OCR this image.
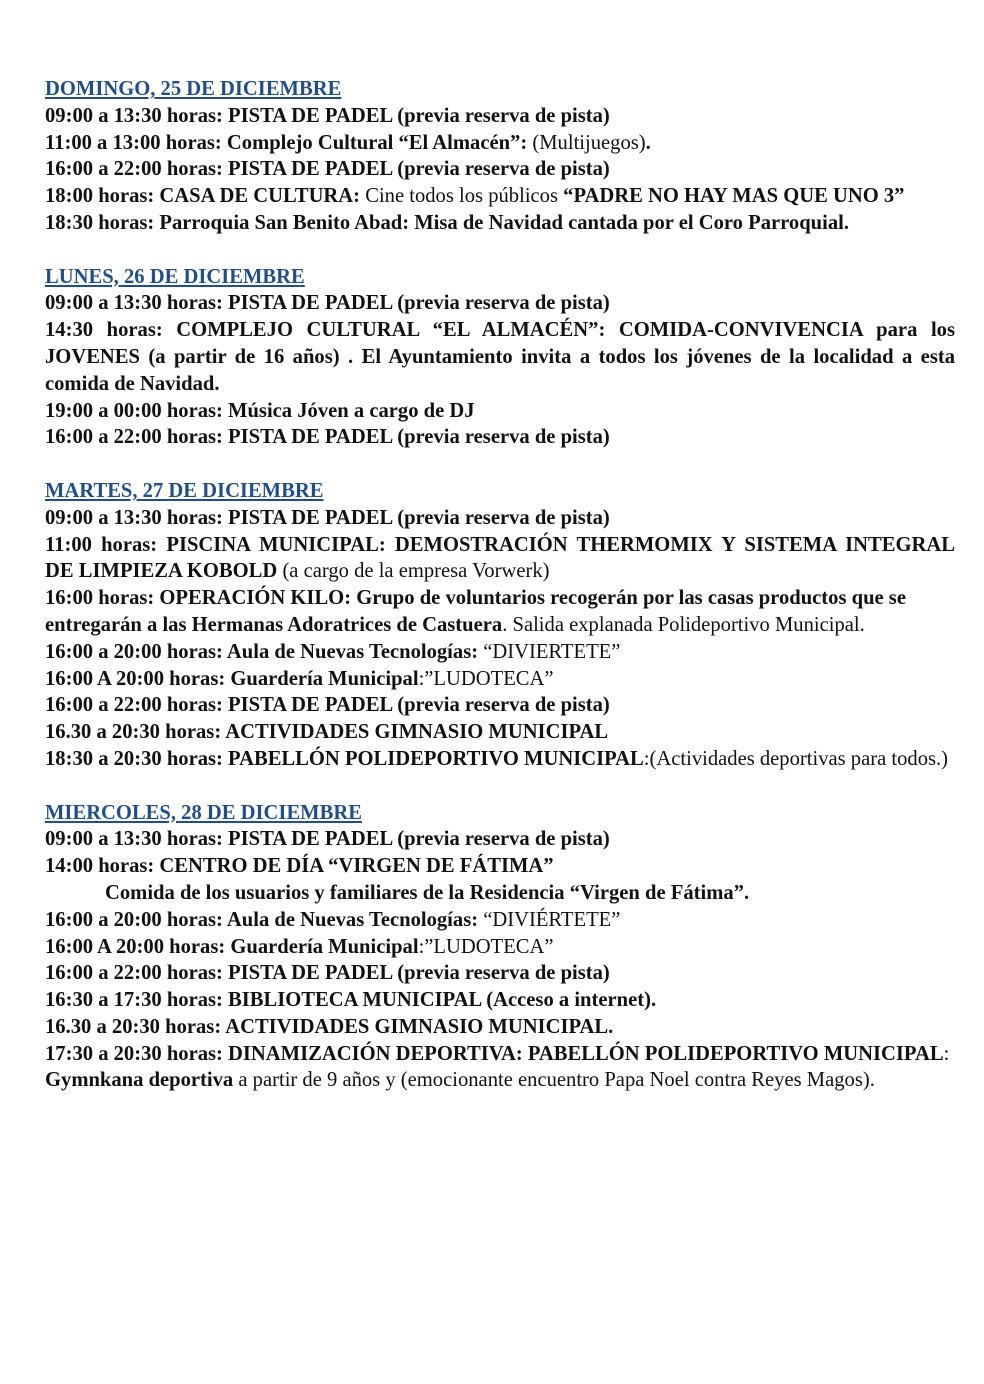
DOMINGO, 25 DE DICIEMBRE

09:00 a 13:30 horas: PISTA DE PADEL (previa reserva de pista)

11:00 a 13:00 horas: Complejo Cultural “El Almacén”: (Multijuegos).

16:00 a 22:00 horas: PISTA DE PADEL (previa reserva de pista)

18:00 horas: CASA DE CULTURA: Cine todos los públicos “PADRE NO HAY MAS QUE UNO 3”

18:30 horas: Parroquia San Benito Abad: Misa de Navidad cantada por el Coro Parroquial.

LUNES, 26 DE DICIEMBRE

09:00 a 13:30 horas: PISTA DE PADEL (previa reserva de pista)

14:30 horas: COMPLEJO CULTURAL “EL ALMACÉN”: COMIDA-CONVIVENCIA para los JOVENES (a partir de 16 años) . El Ayuntamiento invita a todos los jóvenes de la localidad a esta comida de Navidad.

19:00 a 00:00 horas: Música Jóven a cargo de DJ

16:00 a 22:00 horas: PISTA DE PADEL (previa reserva de pista)

MARTES, 27 DE DICIEMBRE

09:00 a 13:30 horas: PISTA DE PADEL (previa reserva de pista)

11:00 horas: PISCINA MUNICIPAL: DEMOSTRACIÓN THERMOMIX Y SISTEMA INTEGRAL DE LIMPIEZA KOBOLD (a cargo de la empresa Vorwerk)

16:00 horas: OPERACIÓN KILO: Grupo de voluntarios recogerán por las casas productos que se entregarán a las Hermanas Adoratrices de Castuera. Salida explanada Polideportivo Municipal.

16:00 a 20:00 horas: Aula de Nuevas Tecnologías: “DIVIERTETE”

16:00 A 20:00 horas: Guardería Municipal:”LUDOTECA”

16:00 a 22:00 horas: PISTA DE PADEL (previa reserva de pista)

16.30 a 20:30 horas: ACTIVIDADES GIMNASIO MUNICIPAL

18:30 a 20:30 horas: PABELLÓN POLIDEPORTIVO MUNICIPAL:(Actividades deportivas para todos.)

MIERCOLES, 28 DE DICIEMBRE

09:00 a 13:30 horas: PISTA DE PADEL (previa reserva de pista)

14:00 horas: CENTRO DE DÍA “VIRGEN DE FÁTIMA”

Comida de los usuarios y familiares de la Residencia “Virgen de Fátima”.

16:00 a 20:00 horas: Aula de Nuevas Tecnologías: “DIVIÉRTETE”

16:00 A 20:00 horas: Guardería Municipal:”LUDOTECA”

16:00 a 22:00 horas: PISTA DE PADEL (previa reserva de pista)

16:30 a 17:30 horas: BIBLIOTECA MUNICIPAL (Acceso a internet).

16.30 a 20:30 horas: ACTIVIDADES GIMNASIO MUNICIPAL.

17:30 a 20:30 horas: DINAMIZACIÓN DEPORTIVA: PABELLÓN POLIDEPORTIVO MUNICIPAL: Gymnkana deportiva a partir de 9 años y (emocionante encuentro Papa Noel contra Reyes Magos).
